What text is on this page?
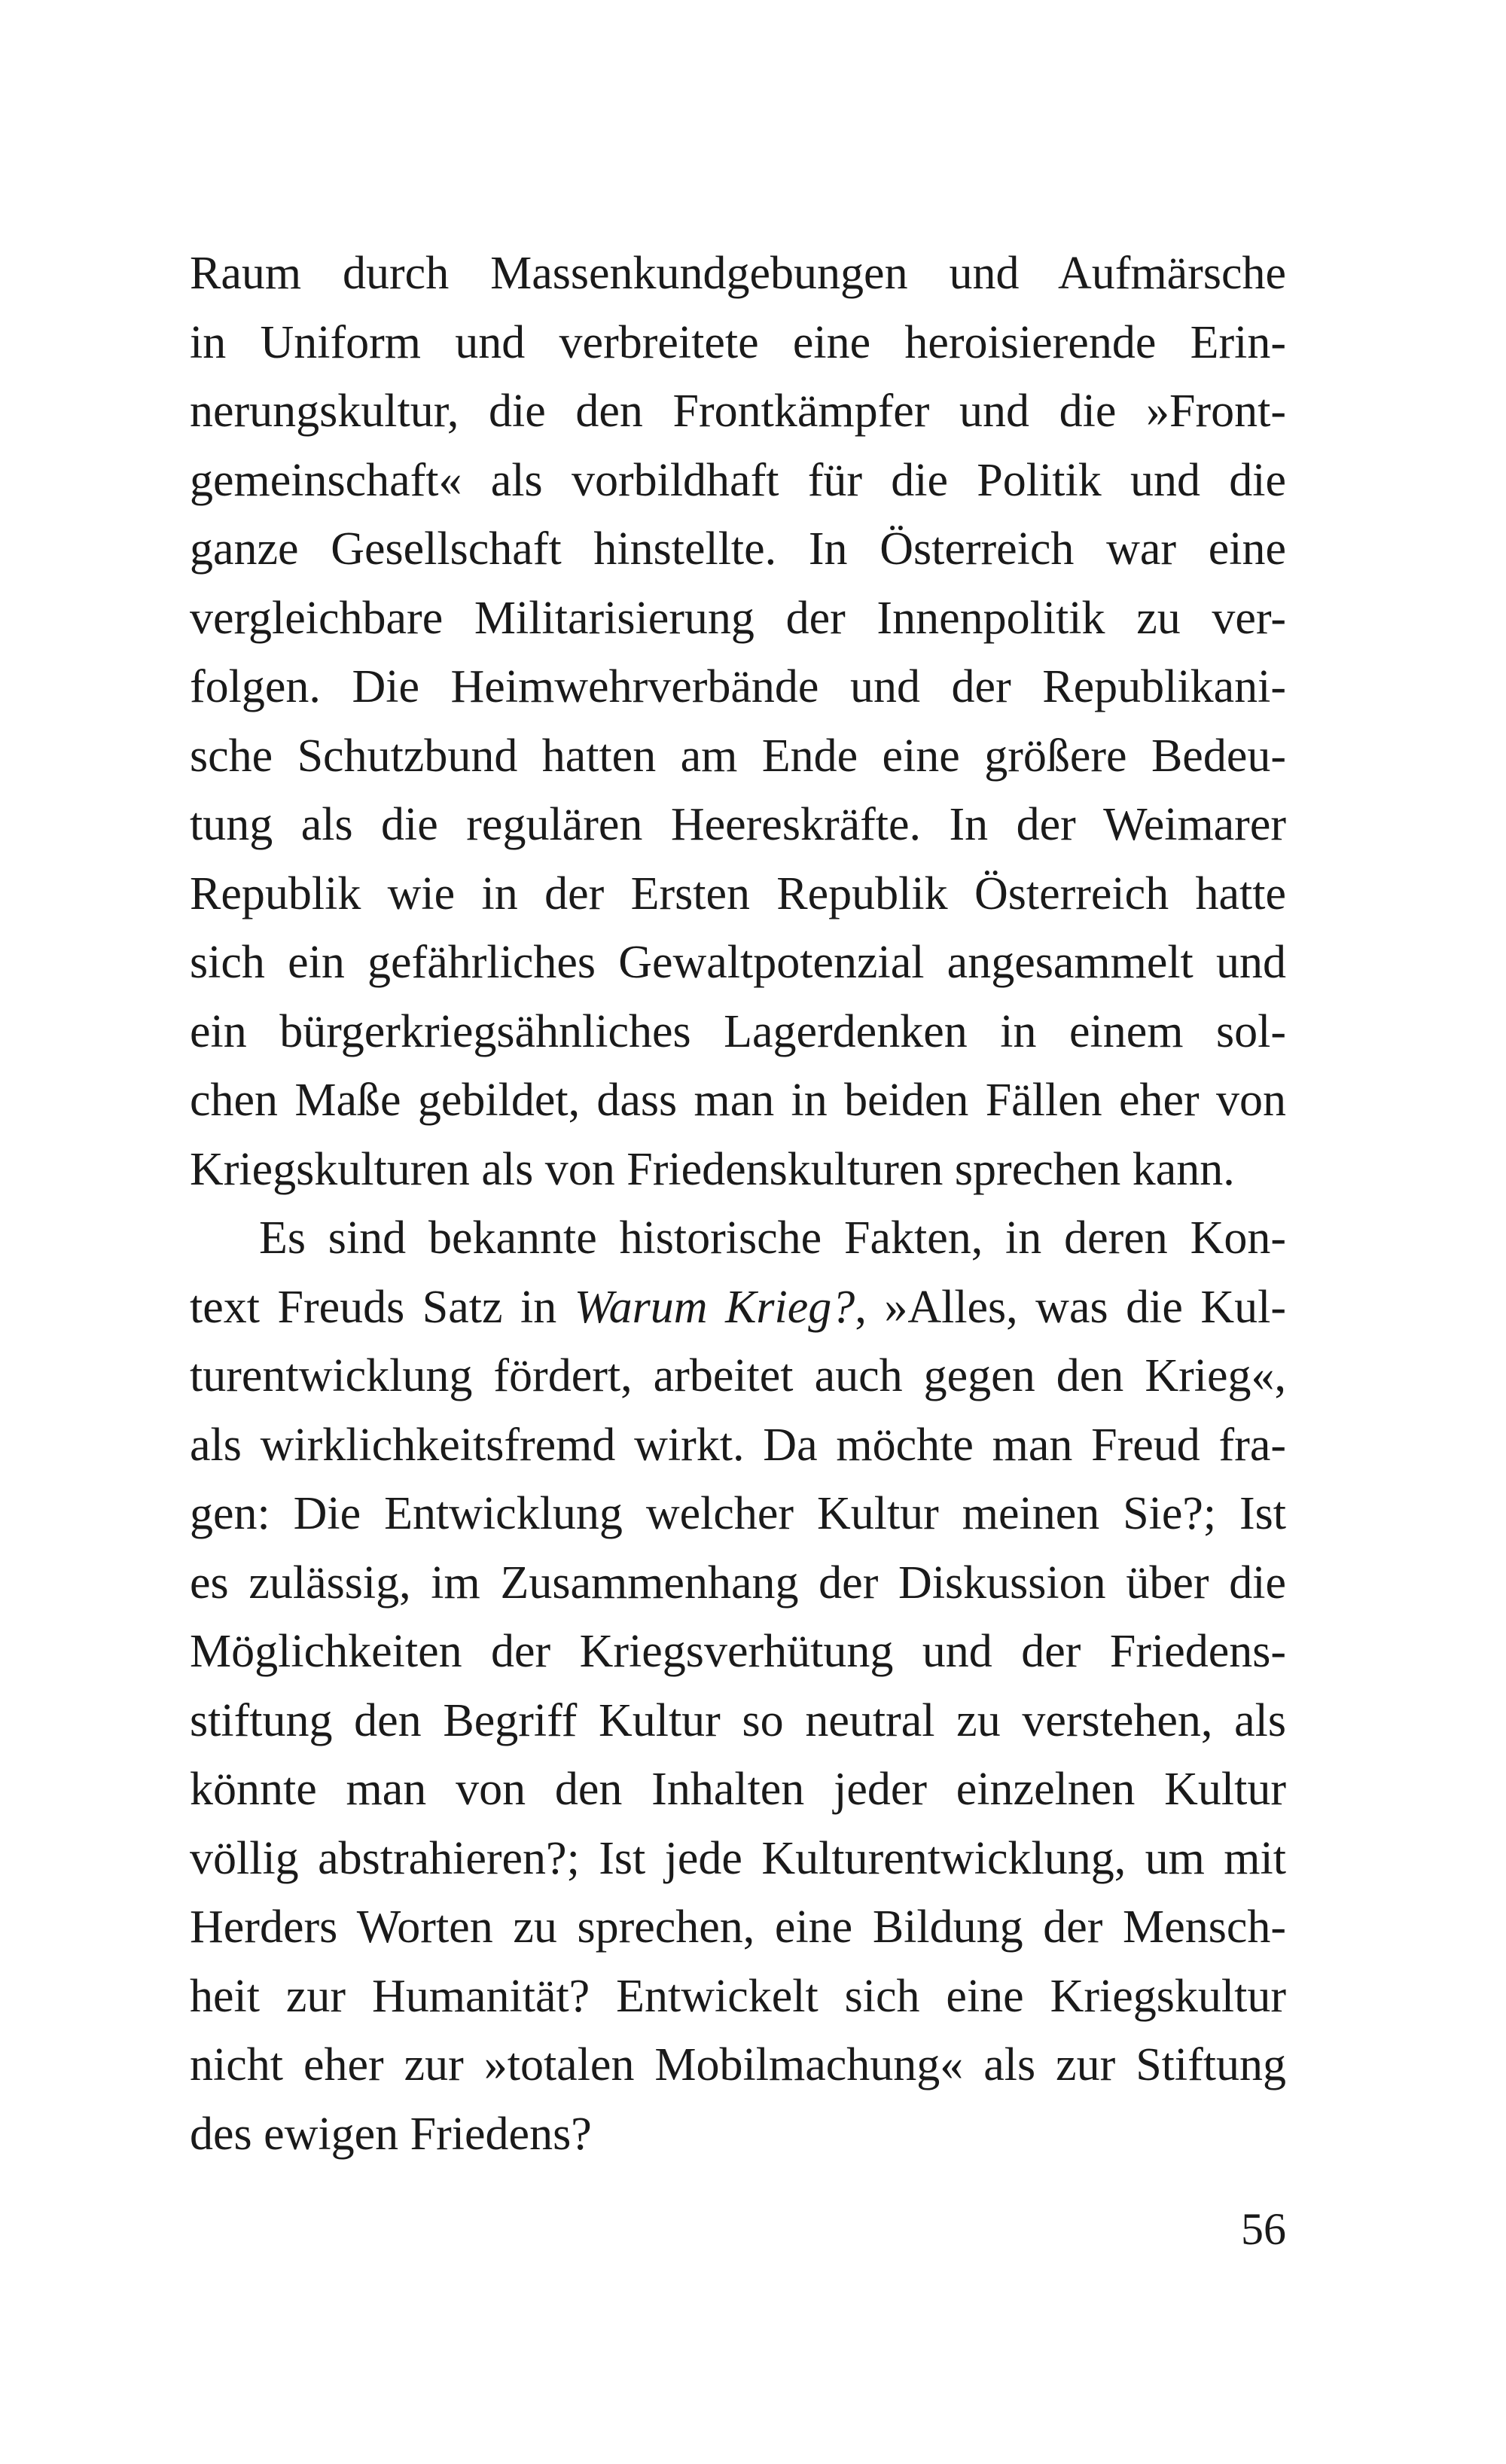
Raum durch Massenkundgebungen und Aufmärsche
in Uniform und verbreitete eine heroisierende Erin-
nerungskultur, die den Frontkämpfer und die »Front-
gemeinschaft« als vorbildhaft für die Politik und die
ganze Gesellschaft hinstellte. In Österreich war eine
vergleichbare Militarisierung der Innenpolitik zu ver-
folgen. Die Heimwehrverbände und der Republikani-
sche Schutzbund hatten am Ende eine größere Bedeu-
tung als die regulären Heereskräfte. In der Weimarer
Republik wie in der Ersten Republik Österreich hatte
sich ein gefährliches Gewaltpotenzial angesammelt und
ein bürgerkriegsähnliches Lagerdenken in einem sol-
chen Maße gebildet, dass man in beiden Fällen eher von
Kriegskulturen als von Friedenskulturen sprechen kann.
Es sind bekannte historische Fakten, in deren Kon-
text Freuds Satz in Warum Krieg?, »Alles, was die Kul-
turentwicklung fördert, arbeitet auch gegen den Krieg«,
als wirklichkeitsfremd wirkt. Da möchte man Freud fra-
gen: Die Entwicklung welcher Kultur meinen Sie?; Ist
es zulässig, im Zusammenhang der Diskussion über die
Möglichkeiten der Kriegsverhütung und der Friedens-
stiftung den Begriff Kultur so neutral zu verstehen, als
könnte man von den Inhalten jeder einzelnen Kultur
völlig abstrahieren?; Ist jede Kulturentwicklung, um mit
Herders Worten zu sprechen, eine Bildung der Mensch-
heit zur Humanität? Entwickelt sich eine Kriegskultur
nicht eher zur »totalen Mobilmachung« als zur Stiftung
des ewigen Friedens?
56
